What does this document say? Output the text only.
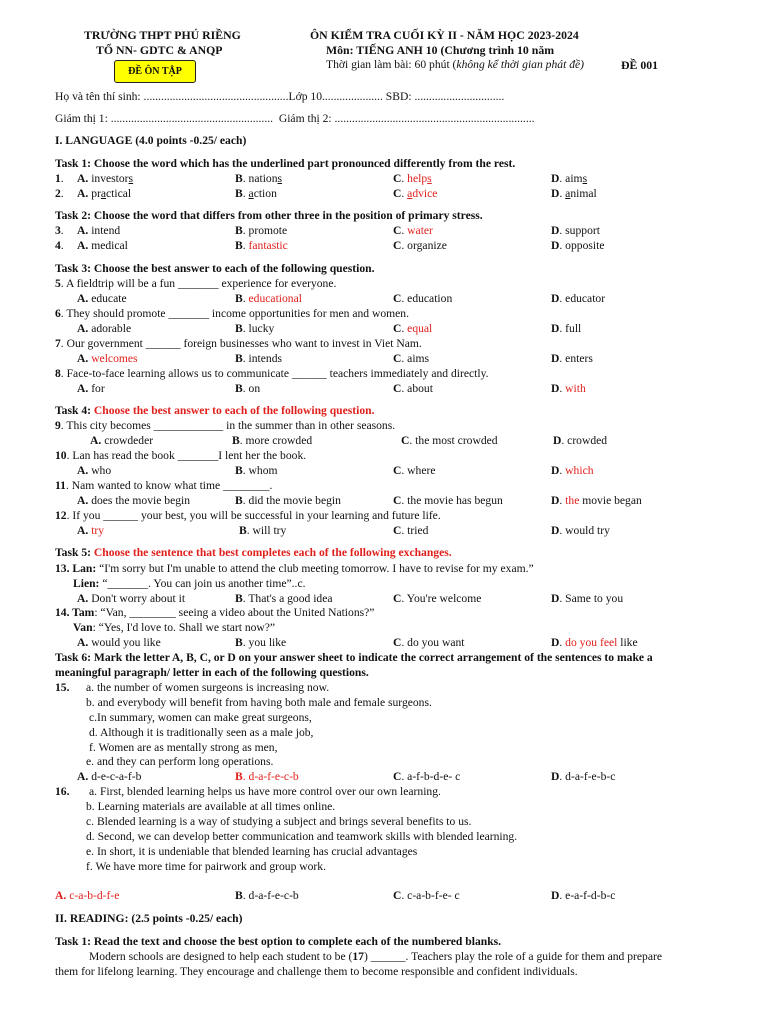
TRƯỜNG THPT PHÚ RIỀNG
TỔ NN- GDTC & ANQP
ĐỀ ÔN TẬP
ÔN KIỂM TRA CUỐI KỲ II - NĂM HỌC 2023-2024
Môn: TIẾNG ANH 10 (Chương trình 10 năm
Thời gian làm bài: 60 phút (không kể thời gian phát đề)	ĐỀ 001
Họ và tên thí sinh: ..................................................Lớp 10..................... SBD: ...............................
Giám thị 1: ........................................................ Giám thị 2: .....................................................................
I. LANGUAGE (4.0 points -0.25/ each)
Task 1: Choose the word which has the underlined part pronounced differently from the rest.
1. A. investors	B. nations	C. helps	D. aims
2. A. practical	B. action	C. advice	D. animal
Task 2: Choose the word that differs from other three in the position of primary stress.
3. A. intend	B. promote	C. water	D. support
4. A. medical	B. fantastic	C. organize	D. opposite
Task 3: Choose the best answer to each of the following question.
5. A fieldtrip will be a fun _______ experience for everyone.
A. educate	B. educational	C. education	D. educator
6. They should promote _______ income opportunities for men and women.
A. adorable	B. lucky	C. equal	D. full
7. Our government ______ foreign businesses who want to invest in Viet Nam.
A. welcomes	B. intends	C. aims	D. enters
8. Face-to-face learning allows us to communicate ______ teachers immediately and directly.
A. for	B. on	C. about	D. with
Task 4: Choose the best answer to each of the following question.
9. This city becomes ____________ in the summer than in other seasons.
A. crowdeder	B. more crowded	C. the most crowded	D. crowded
10. Lan has read the book _______I lent her the book.
A. who	B. whom	C. where	D. which
11. Nam wanted to know what time ________.
A. does the movie begin	B. did the movie begin	C. the movie has begun	D. the movie began
12. If you ______ your best, you will be successful in your learning and future life.
A. try	B. will try	C. tried	D. would try
Task 5: Choose the sentence that best completes each of the following exchanges.
13. Lan: “I'm sorry but I'm unable to attend the club meeting tomorrow. I have to revise for my exam.”
Lien: “_______. You can join us another time”..c.
A. Don't worry about it	B. That's a good idea	C. You're welcome	D. Same to you
14. Tam: “Van, ________ seeing a video about the United Nations?”
Van: “Yes, I'd love to. Shall we start now?”
A. would you like	B. you like	C. do you want	D. do you feel like
Task 6: Mark the letter A, B, C, or D on your answer sheet to indicate the correct arrangement of the sentences to make a
meaningful paragraph/ letter in each of the following questions.
15. a. the number of women surgeons is increasing now.
b. and everybody will benefit from having both male and female surgeons.
c.In summary, women can make great surgeons,
d. Although it is traditionally seen as a male job,
f. Women are as mentally strong as men,
e. and they can perform long operations.
A. d-e-c-a-f-b	B. d-a-f-e-c-b	C. a-f-b-d-e- c	D. d-a-f-e-b-c
16. a. First, blended learning helps us have more control over our own learning.
b. Learning materials are available at all times online.
c. Blended learning is a way of studying a subject and brings several benefits to us.
d. Second, we can develop better communication and teamwork skills with blended learning.
e. In short, it is undeniable that blended learning has crucial advantages
f. We have more time for pairwork and group work.
A. c-a-b-d-f-e	B. d-a-f-e-c-b	C. c-a-b-f-e- c	D. e-a-f-d-b-c
II. READING: (2.5 points -0.25/ each)
Task 1: Read the text and choose the best option to complete each of the numbered blanks.
Modern schools are designed to help each student to be (17) ______. Teachers play the role of a guide for them and prepare
them for lifelong learning. They encourage and challenge them to become responsible and confident individuals.
